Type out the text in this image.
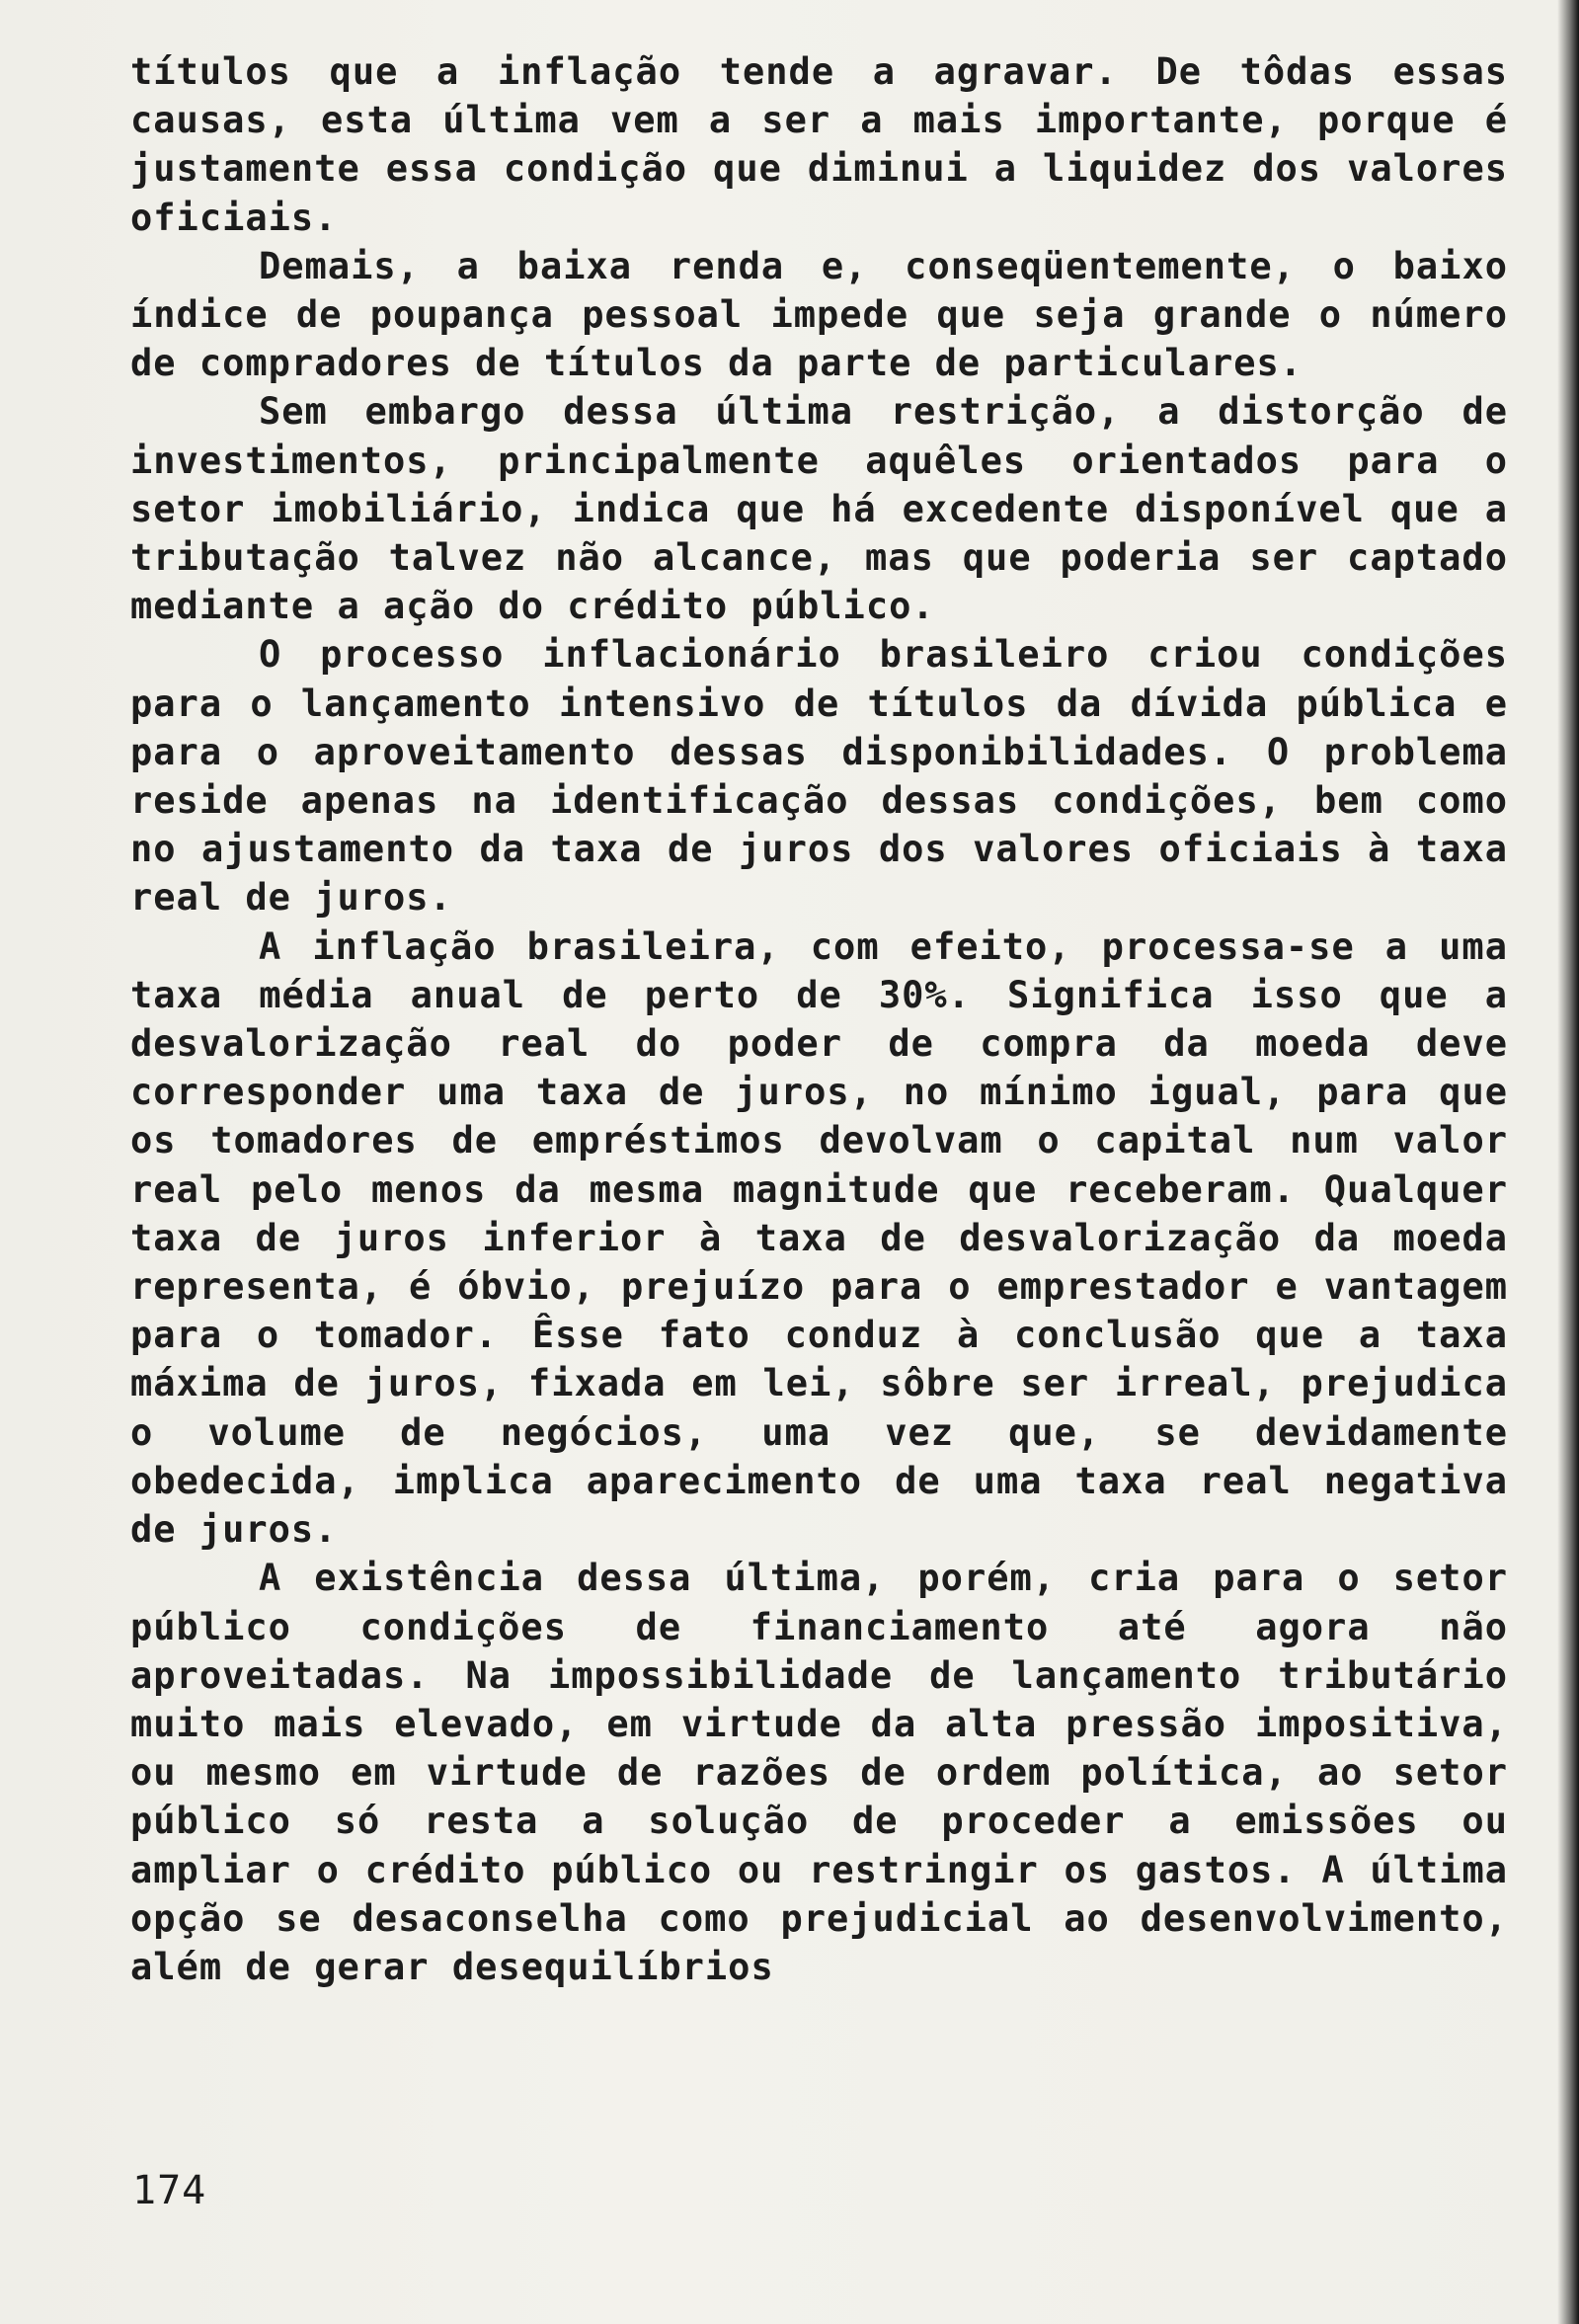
títulos que a inflação tende a agravar. De tôdas essas causas, esta última vem a ser a mais importante, porque é justamente essa condição que diminui a liquidez dos valores oficiais.

Demais, a baixa renda e, conseqüentemente, o baixo índice de poupança pessoal impede que seja grande o número de compradores de títulos da parte de particulares.

Sem embargo dessa última restrição, a distorção de investimentos, principalmente aquêles orientados para o setor imobiliário, indica que há excedente disponível que a tributação talvez não alcance, mas que poderia ser captado mediante a ação do crédito público.

O processo inflacionário brasileiro criou condições para o lançamento intensivo de títulos da dívida pública e para o aproveitamento dessas disponibilidades. O problema reside apenas na identificação dessas condições, bem como no ajustamento da taxa de juros dos valores oficiais à taxa real de juros.

A inflação brasileira, com efeito, processa-se a uma taxa média anual de perto de 30%. Significa isso que a desvalorização real do poder de compra da moeda deve corresponder uma taxa de juros, no mínimo igual, para que os tomadores de empréstimos devolvam o capital num valor real pelo menos da mesma magnitude que receberam. Qualquer taxa de juros inferior à taxa de desvalorização da moeda representa, é óbvio, prejuízo para o emprestador e vantagem para o tomador. Êsse fato conduz à conclusão que a taxa máxima de juros, fixada em lei, sôbre ser irreal, prejudica o volume de negócios, uma vez que, se devidamente obedecida, implica aparecimento de uma taxa real negativa de juros.

A existência dessa última, porém, cria para o setor público condições de financiamento até agora não aproveitadas. Na impossibilidade de lançamento tributário muito mais elevado, em virtude da alta pressão impositiva, ou mesmo em virtude de razões de ordem política, ao setor público só resta a solução de proceder a emissões ou ampliar o crédito público ou restringir os gastos. A última opção se desaconselha como prejudicial ao desenvolvimento, além de gerar desequilíbrios

174
